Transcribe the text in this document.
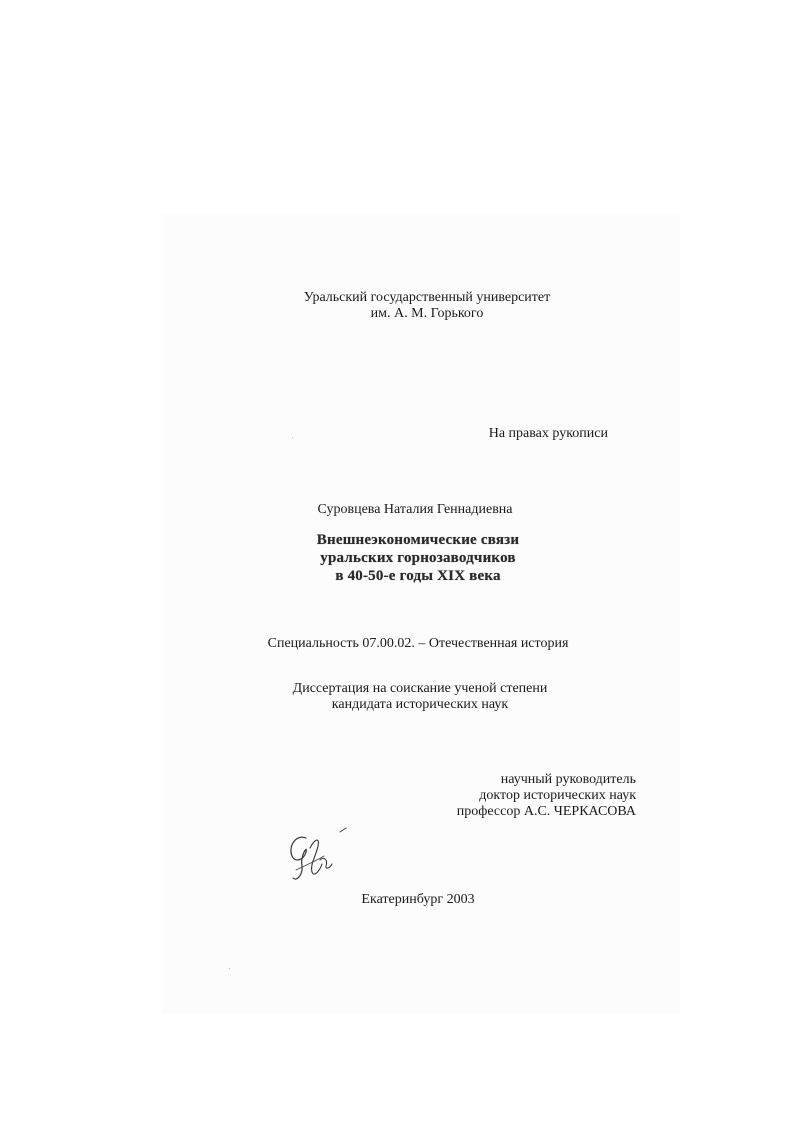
Уральский государственный университет
им. А. М. Горького
На правах рукописи
Суровцева Наталия Геннадиевна
Внешнеэкономические связи
уральских горнозаводчиков
в 40-50-е годы XIX века
Специальность 07.00.02. – Отечественная история
Диссертация на соискание ученой степени
кандидата исторических наук
научный руководитель
доктор исторических наук
профессор А.С. ЧЕРКАСОВА
Екатеринбург 2003
